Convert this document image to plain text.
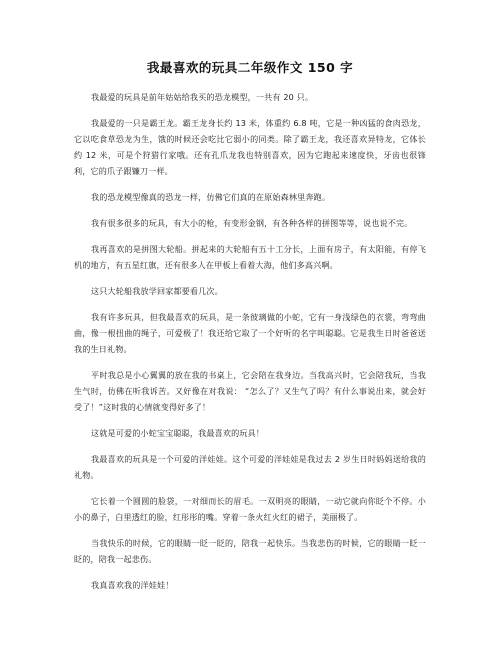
我最喜欢的玩具二年级作文 150 字

我最爱的玩具是前年姑姑给我买的恐龙模型，一共有 20 只。

我最爱的一只是霸王龙。霸王龙身长约 13 米，体重约 6.8 吨，它是一种凶猛的食肉恐龙，它以吃食草恐龙为生，饿的时候还会吃比它弱小的同类。除了霸王龙，我还喜欢异特龙，它体长约 12 米，可是个狩猎行家哦。还有孔爪龙我也特别喜欢，因为它跑起来速度快，牙齿也很锋利，它的爪子跟镰刀一样。

我的恐龙模型像真的恐龙一样，仿佛它们真的在原始森林里奔跑。

我有很多很多的玩具，有大小的枪，有变形金钢，有各种各样的拼图等等，说也说不完。

我再喜欢的是拼图大轮船。拼起来的大轮船有五十工分长，上面有房子，有太阳能，有停飞机的地方，有五星红旗，还有很多人在甲板上看着大海，他们多高兴啊。

这只大轮船我放学回家都要看几次。

我有许多玩具，但我最喜欢的玩具，是一条彼璃做的小蛇，它有一身浅绿色的衣裳，弯弯曲曲，像一根扭曲的绳子，可爱极了！我还给它取了一个好听的名字叫聪聪。它是我生日时爸爸送我的生日礼物。

平时我总是小心翼翼的放在我的书桌上，它会陪在我身边。当我高兴时，它会陪我玩，当我生气时，仿佛在听我诉苦。又好像在对我说： “怎么了？又生气了吗？有什么事说出来，就会好受了！”这时我的心情就变得好多了！

这就是可爱的小蛇宝宝聪聪，我最喜欢的玩具！

我最喜欢的玩具是一个可爱的洋娃娃。这个可爱的洋娃娃是我过去 2 岁生日时妈妈送给我的礼物。

它长着一个圆圆的脸袋，一对细而长的眉毛。一双明亮的眼睛，一动它就向你眨个不停。小小的鼻子，白里透红的脸，红彤彤的嘴。穿着一条火红火红的裙子，美丽极了。

当我快乐的时候，它的眼睛一眨一眨的，陪我一起快乐。当我悲伤的时候，它的眼睛一眨一眨的，陪我一起悲伤。

我真喜欢我的洋娃娃！
